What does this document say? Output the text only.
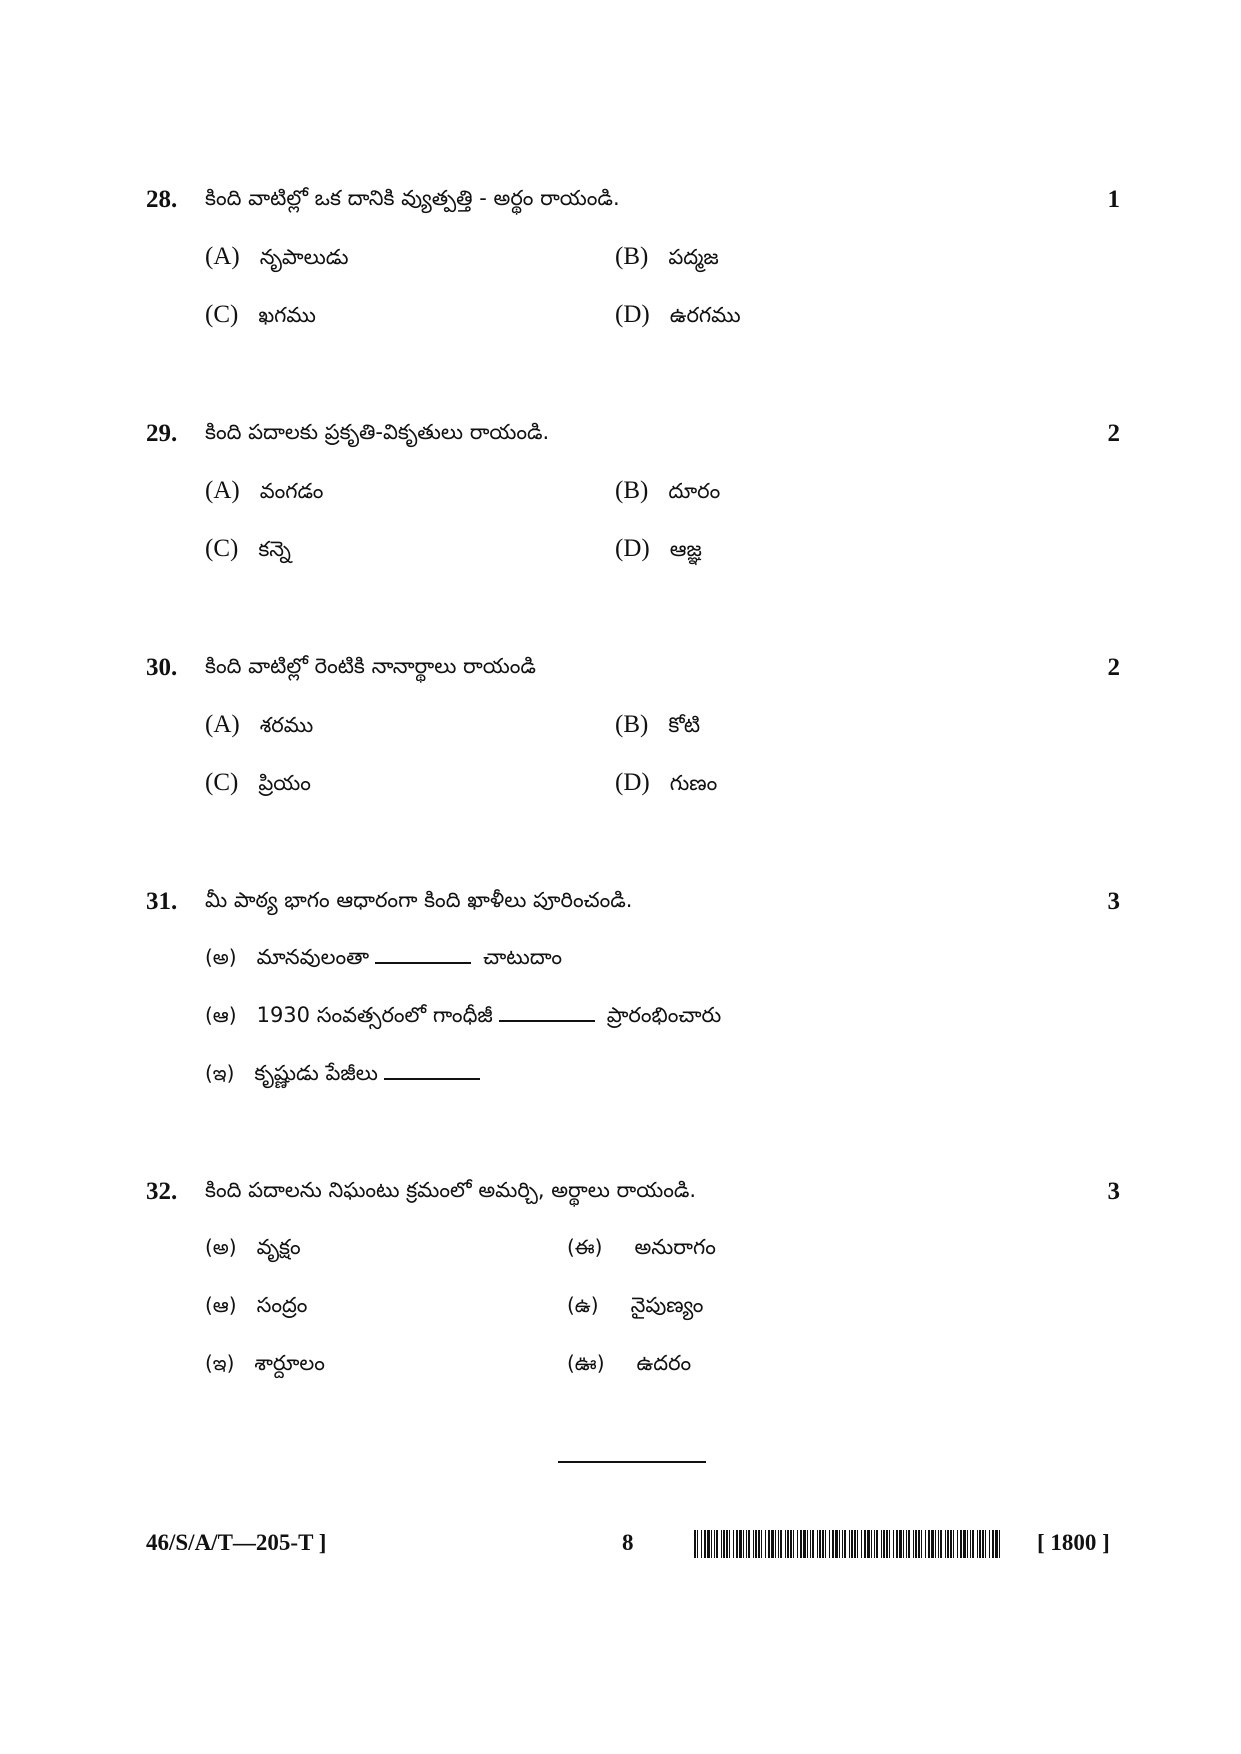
28. కింది వాటిల్లో ఒక దానికి వ్యుత్పత్తి - అర్థం రాయండి.	1
(A) నృపాలుడు	(B) పద్మజ
(C) ఖగము	(D) ఉరగము
29. కింది పదాలకు ప్రకృతి-వికృతులు రాయండి.	2
(A) వంగడం	(B) దూరం
(C) కన్నె	(D) ఆజ్ఞ
30. కింది వాటిల్లో రెంటికి నానార్థాలు రాయండి	2
(A) శరము	(B) కోటి
(C) ప్రియం	(D) గుణం
31. మీ పాఠ్య భాగం ఆధారంగా కింది ఖాళీలు పూరించండి.	3
(అ) మానవులంతా	చాటుదాం
(ఆ) 1930 సంవత్సరంలో గాంధీజీ	ప్రారంభించారు
(ఇ) కృష్ణుడు పేజీలు
32. కింది పదాలను నిఘంటు క్రమంలో అమర్చి, అర్థాలు రాయండి.	3
(అ) వృక్షం	(ఈ) అనురాగం
(ఆ) సంద్రం	(ఉ) నైపుణ్యం
(ఇ) శార్దూలం	(ఊ) ఉదరం
46/S/A/T—205-T ]	8	[ 1800 ]
